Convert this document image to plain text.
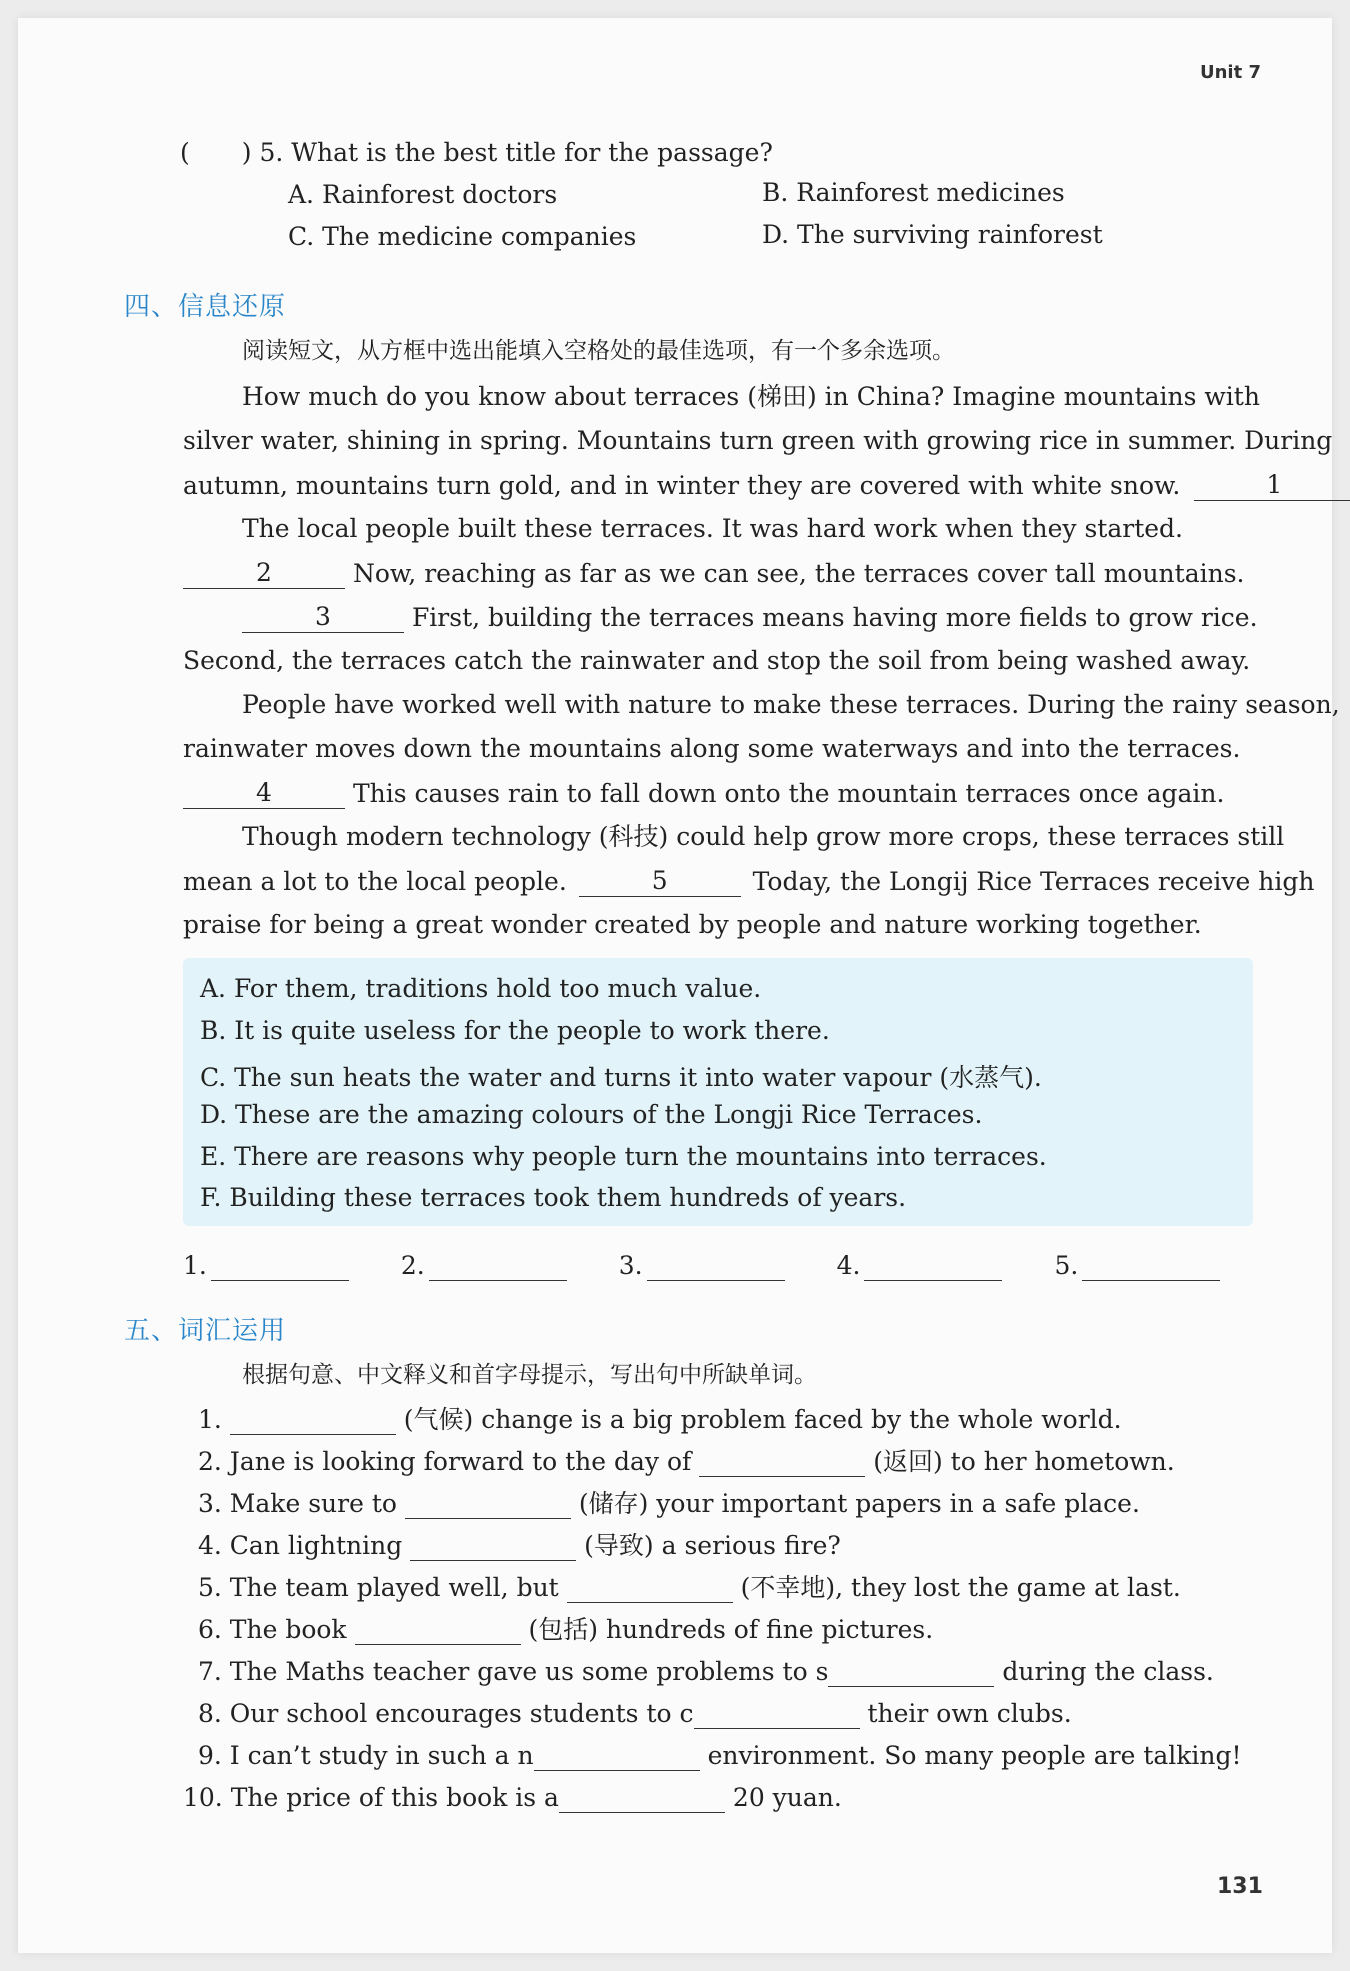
Unit 7
( ) 5. What is the best title for the passage?
A. Rainforest doctors	B. Rainforest medicines
C. The medicine companies	D. The surviving rainforest
四、信息还原
阅读短文，从方框中选出能填入空格处的最佳选项，有一个多余选项。
How much do you know about terraces (梯田) in China? Imagine mountains with
silver water, shining in spring. Mountains turn green with growing rice in summer. During
autumn, mountains turn gold, and in winter they are covered with white snow.	1
The local people built these terraces. It was hard work when they started.
2	Now, reaching as far as we can see, the terraces cover tall mountains.
3	First, building the terraces means having more fields to grow rice.
Second, the terraces catch the rainwater and stop the soil from being washed away.
People have worked well with nature to make these terraces. During the rainy season,
rainwater moves down the mountains along some waterways and into the terraces.
4	This causes rain to fall down onto the mountain terraces once again.
Though modern technology (科技) could help grow more crops, these terraces still
mean a lot to the local people.	5	Today, the Longij Rice Terraces receive high
praise for being a great wonder created by people and nature working together.
A. For them, traditions hold too much value.
B. It is quite useless for the people to work there.
C. The sun heats the water and turns it into water vapour (水蒸气).
D. These are the amazing colours of the Longji Rice Terraces.
E. There are reasons why people turn the mountains into terraces.
F. Building these terraces took them hundreds of years.
1.	2.	3.	4.	5.
五、词汇运用
根据句意、中文释义和首字母提示，写出句中所缺单词。
1.	(气候) change is a big problem faced by the whole world.
2. Jane is looking forward to the day of	(返回) to her hometown.
3. Make sure to	(储存) your important papers in a safe place.
4. Can lightning	(导致) a serious fire?
5. The team played well, but	(不幸地), they lost the game at last.
6. The book	(包括) hundreds of fine pictures.
7. The Maths teacher gave us some problems to s	during the class.
8. Our school encourages students to c	their own clubs.
9. I can’t study in such a n	environment. So many people are talking!
10. The price of this book is a	20 yuan.
131
